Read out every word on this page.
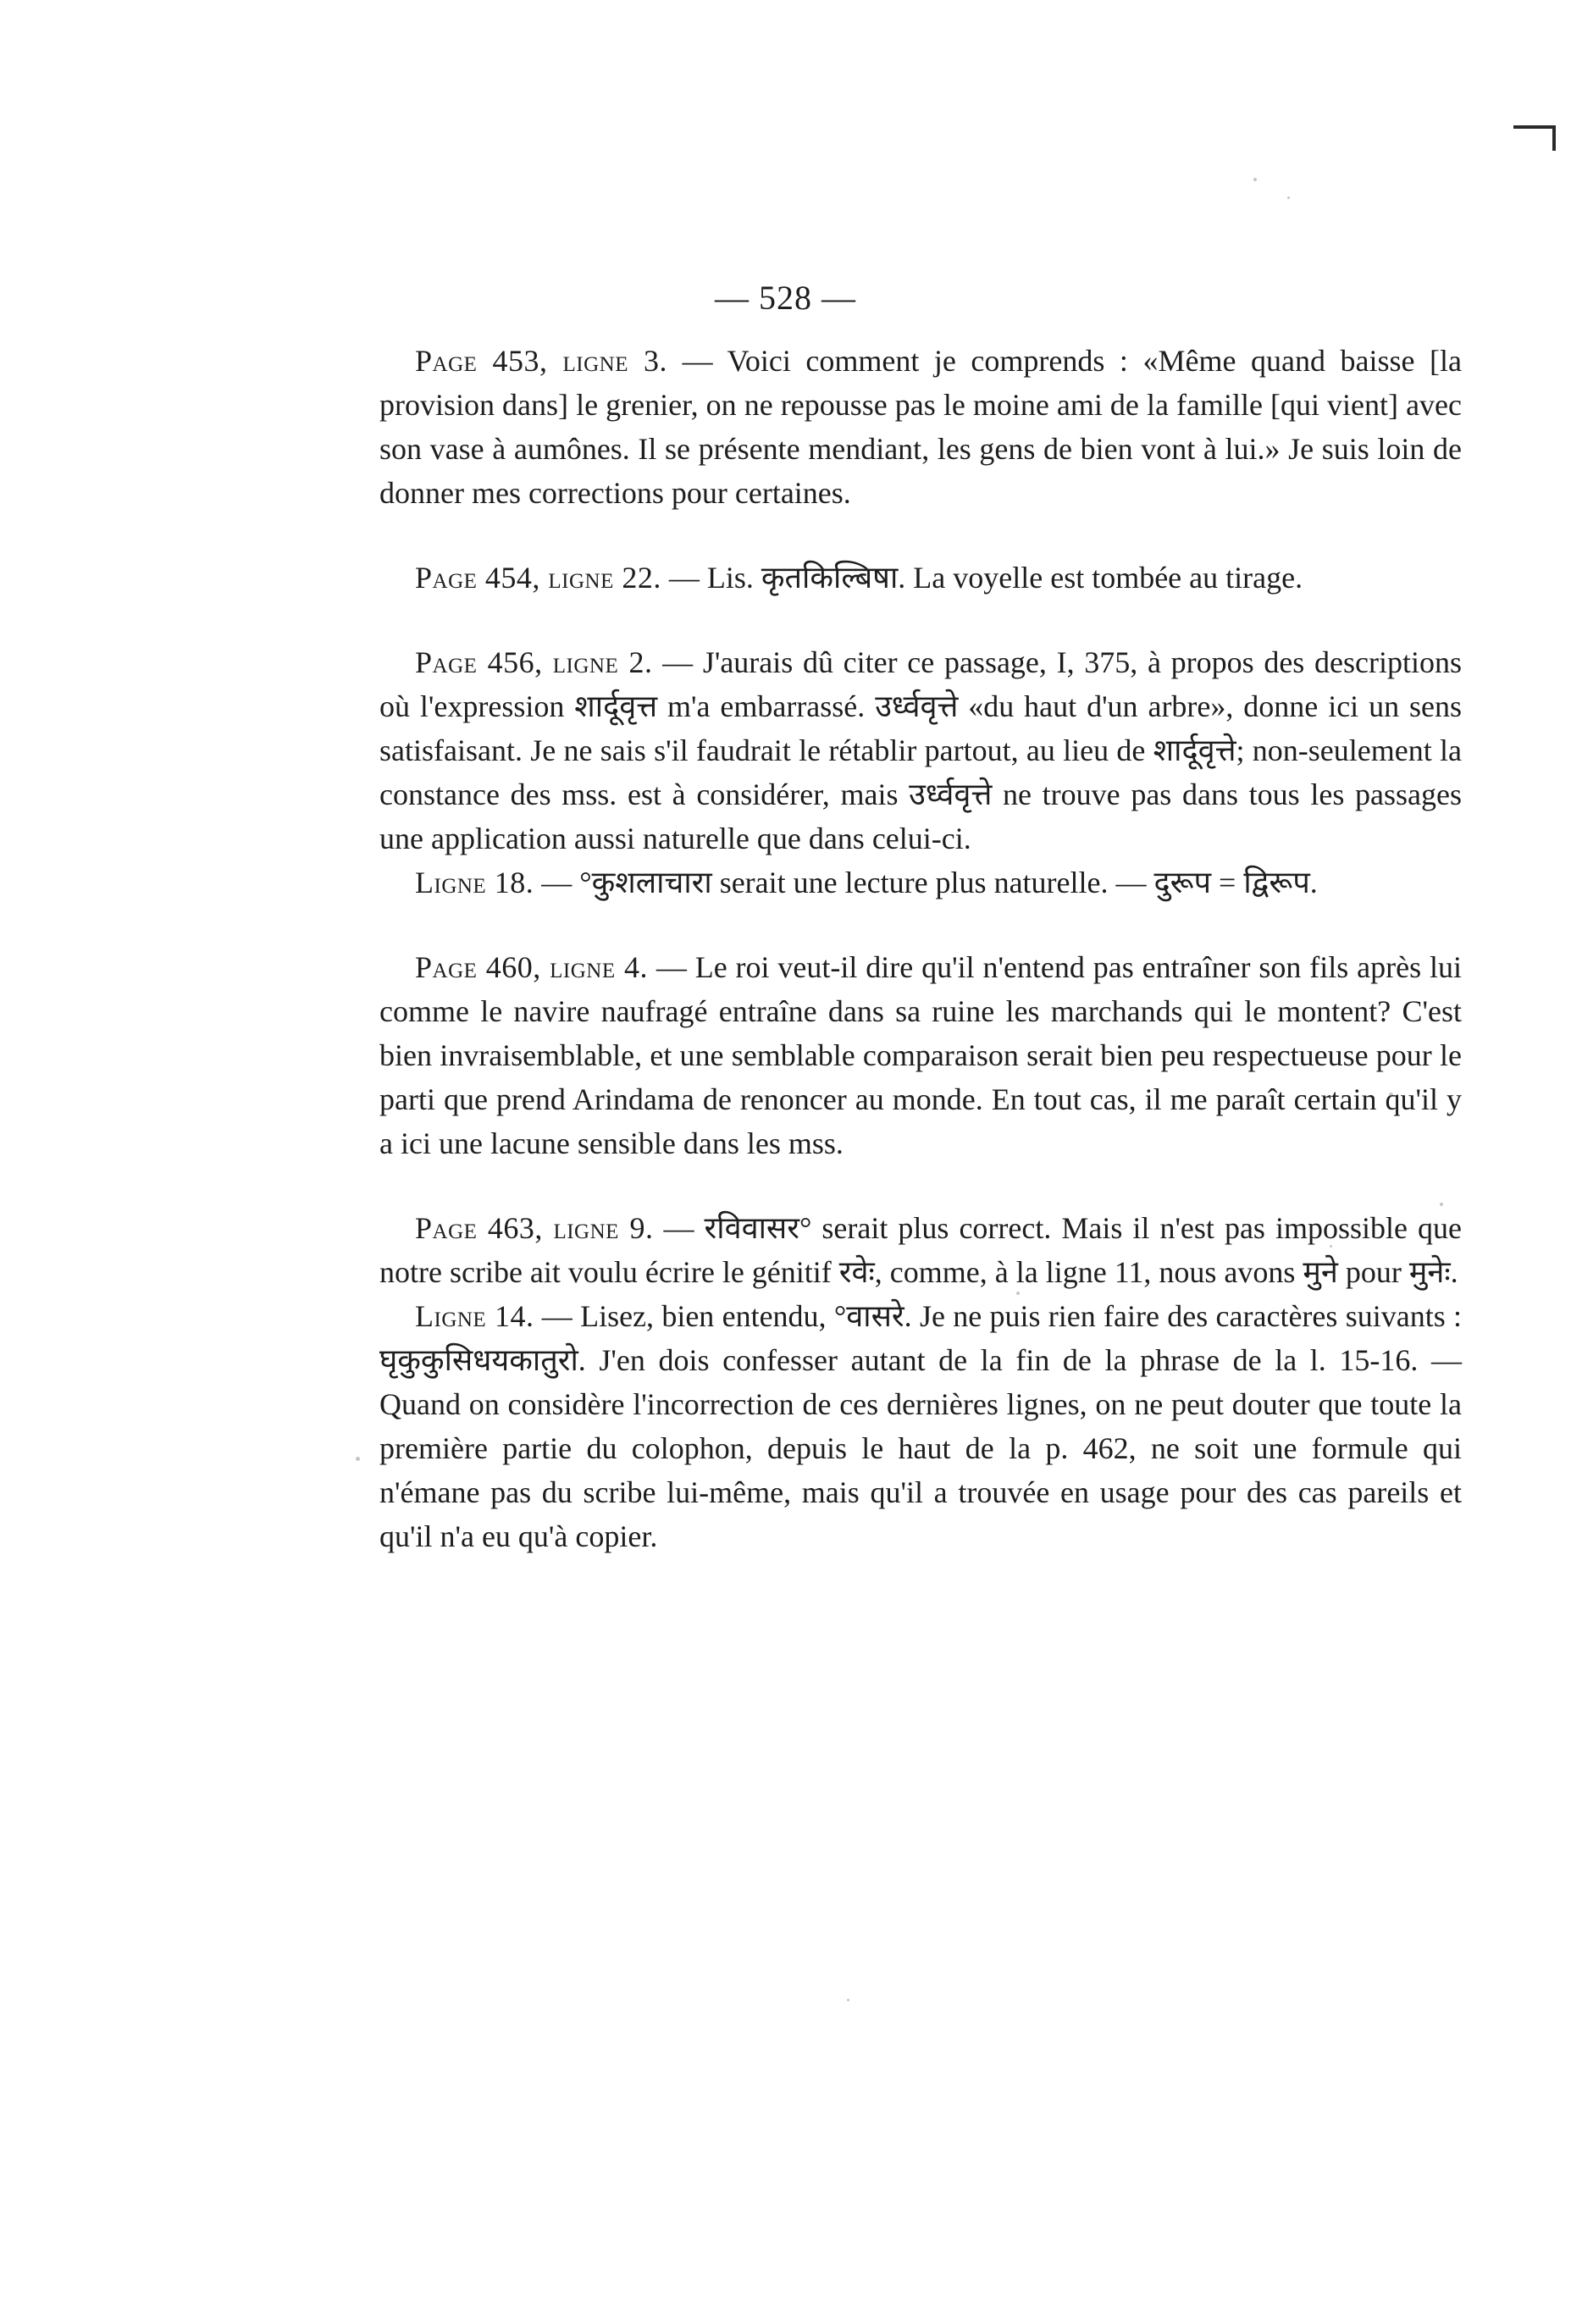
— 528 —

Page 453, ligne 3. — Voici comment je comprends : «Même quand baisse [la provision dans] le grenier, on ne repousse pas le moine ami de la famille [qui vient] avec son vase à aumônes. Il se présente mendiant, les gens de bien vont à lui.» Je suis loin de donner mes corrections pour certaines.

Page 454, ligne 22. — Lis. कृतकिल्बिषा. La voyelle est tombée au tirage.

Page 456, ligne 2. — J'aurais dû citer ce passage, I, 375, à propos des descriptions où l'expression शार्दूवृत्त m'a embarrassé. उर्ध्ववृत्ते «du haut d'un arbre», donne ici un sens satisfaisant. Je ne sais s'il faudrait le rétablir partout, au lieu de शार्दूवृत्ते; non-seulement la constance des mss. est à considérer, mais उर्ध्ववृत्ते ne trouve pas dans tous les passages une application aussi naturelle que dans celui-ci.

Ligne 18. — °कुशलाचारा serait une lecture plus naturelle. — दुरूप = द्विरूप.

Page 460, ligne 4. — Le roi veut-il dire qu'il n'entend pas entraîner son fils après lui comme le navire naufragé entraîne dans sa ruine les marchands qui le montent? C'est bien invraisemblable, et une semblable comparaison serait bien peu respectueuse pour le parti que prend Arindama de renoncer au monde. En tout cas, il me paraît certain qu'il y a ici une lacune sensible dans les mss.

Page 463, ligne 9. — रविवासर° serait plus correct. Mais il n'est pas impossible que notre scribe ait voulu écrire le génitif रवेः, comme, à la ligne 11, nous avons मुने pour मुनेः.

Ligne 14. — Lisez, bien entendu, °वासरे. Je ne puis rien faire des caractères suivants : घृकुकुसिधयकातुरो. J'en dois confesser autant de la fin de la phrase de la l. 15-16. — Quand on considère l'incorrection de ces dernières lignes, on ne peut douter que toute la première partie du colophon, depuis le haut de la p. 462, ne soit une formule qui n'émane pas du scribe lui-même, mais qu'il a trouvée en usage pour des cas pareils et qu'il n'a eu qu'à copier.
